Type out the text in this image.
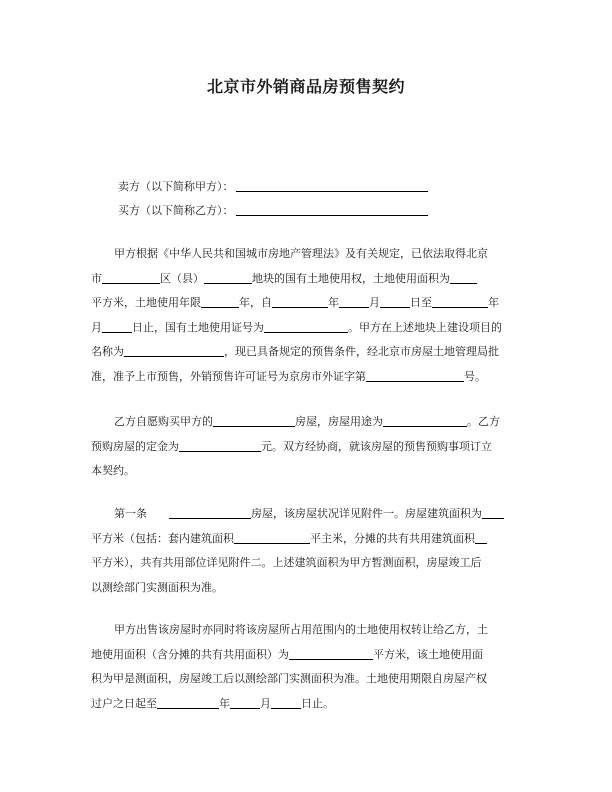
北京市外销商品房预售契约
卖方（以下简称甲方）：
买方（以下简称乙方）：
甲方根据《中华人民共和国城市房地产管理法》及有关规定，已依法取得北京
市	区（县）	地块的国有土地使用权，土地使用面积为
平方米，土地使用年限	年，自	年	月	日至	年
月	日止，国有土地使用证号为	。甲方在上述地块上建设项目的
名称为	，现已具备规定的预售条件，经北京市房屋土地管理局批
准，准予上市预售，外销预售许可证号为京房市外证字第	号。
乙方自愿购买甲方的	房屋，房屋用途为	。乙方
预购房屋的定金为	元。双方经协商，就该房屋的预售预购事项订立
本契约。
第一条	房屋，该房屋状况详见附件一。房屋建筑面积为
平方米（包括：套内建筑面积	平主米，分摊的共有共用建筑面积
平方米），共有共用部位详见附件二。上述建筑面积为甲方暂测面积，房屋竣工后
以测绘部门实测面积为准。
甲方出售该房屋时亦同时将该房屋所占用范围内的土地使用权转让给乙方，土
地使用面积（含分摊的共有共用面积）为	平方米，该土地使用面
积为甲是测面积，房屋竣工后以测绘部门实测面积为准。土地使用期限自房屋产权
过户之日起至	年	月	日止。
